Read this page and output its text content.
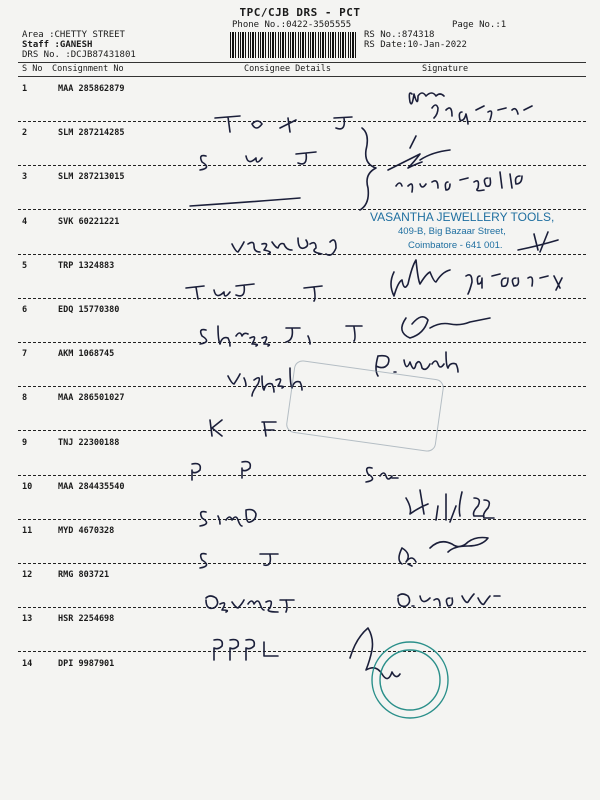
TPC/CJB DRS - PCT
Phone No.:0422-3505555	Page No.:1
Area :CHETTY STREET
Staff :GANESH
DRS No. :DCJB87431801
RS No.:874318
RS Date:10-Jan-2022
S No Consignment No	Consignee Details	Signature
1	MAA 285862879
2	SLM 287214285
3	SLM 287213015
4	SVK 60221221
5	TRP 1324883
6	EDQ 15770380
7	AKM 1068745
8	MAA 286501027
9	TNJ 22300188
10	MAA 284435540
11	MYD 4670328
12	RMG 803721
13	HSR 2254698
14	DPI 9987901
VASANTHA JEWELLERY TOOLS,
409-B, Big Bazaar Street,
Coimbatore - 641 001.
